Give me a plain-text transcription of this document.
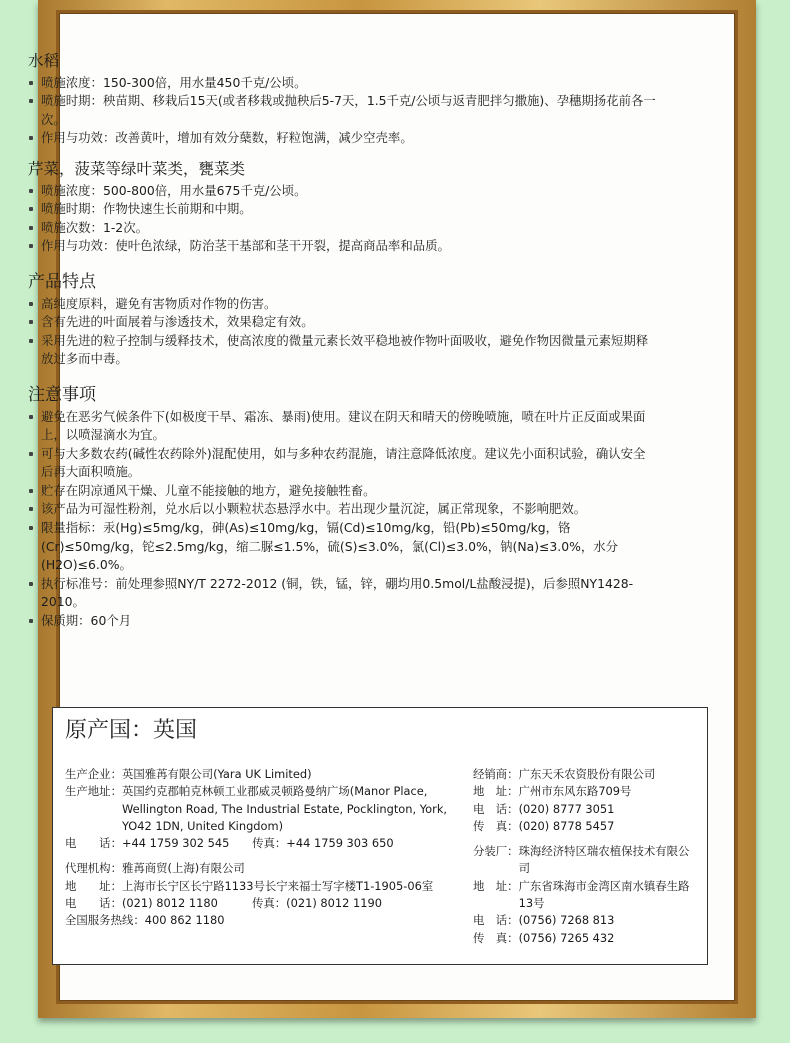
水稻
喷施浓度：150-300倍，用水量450千克/公顷。
喷施时期：秧苗期、移栽后15天(或者移栽或抛秧后5-7天，1.5千克/公顷与返青肥拌匀撒施)、孕穗期扬花前各一次。
作用与功效：改善黄叶，增加有效分蘖数，籽粒饱满，减少空壳率。
芹菜，菠菜等绿叶菜类，甕菜类
喷施浓度：500-800倍，用水量675千克/公顷。
喷施时期：作物快速生长前期和中期。
喷施次数：1-2次。
作用与功效：使叶色浓绿，防治茎干基部和茎干开裂，提高商品率和品质。
产品特点
高纯度原料，避免有害物质对作物的伤害。
含有先进的叶面展着与渗透技术，效果稳定有效。
采用先进的粒子控制与缓释技术，使高浓度的微量元素长效平稳地被作物叶面吸收，避免作物因微量元素短期释放过多而中毒。
注意事项
避免在恶劣气候条件下(如极度干旱、霜冻、暴雨)使用。建议在阴天和晴天的傍晚喷施，喷在叶片正反面或果面上，以喷湿滴水为宜。
可与大多数农药(碱性农药除外)混配使用，如与多种农药混施，请注意降低浓度。建议先小面积试验，确认安全后再大面积喷施。
贮存在阴凉通风干燥、儿童不能接触的地方，避免接触牲畜。
该产品为可湿性粉剂，兑水后以小颗粒状态悬浮水中。若出现少量沉淀，属正常现象，不影响肥效。
限量指标：汞(Hg)≤5mg/kg，砷(As)≤10mg/kg，镉(Cd)≤10mg/kg，铅(Pb)≤50mg/kg，铬(Cr)≤50mg/kg，铊≤2.5mg/kg，缩二脲≤1.5%，硫(S)≤3.0%，氯(Cl)≤3.0%，钠(Na)≤3.0%，水分(H2O)≤6.0%。
执行标准号：前处理参照NY/T 2272-2012 (铜，铁，锰，锌，硼均用0.5mol/L盐酸浸提)，后参照NY1428-2010。
保质期：60个月
原产国：英国
生产企业： 英国雅苒有限公司(Yara UK Limited)
生产地址： 英国约克郡帕克林顿工业郡威灵顿路曼纳广场(Manor Place, Wellington Road, The Industrial Estate, Pocklington, York, YO42 1DN, United Kingdom)
电　　话： +44 1759 302 545　　传真：+44 1759 303 650
代理机构： 雅苒商贸(上海)有限公司
地　　址： 上海市长宁区长宁路1133号长宁来福士写字楼T1-1905-06室
电　　话： (021) 8012 1180　　　传真：(021) 8012 1190
全国服务热线： 400 862 1180
经销商： 广东天禾农资股份有限公司
地　址： 广州市东风东路709号
电　话： (020) 8777 3051
传　真： (020) 8778 5457
分装厂： 珠海经济特区瑞农植保技术有限公司
地　址： 广东省珠海市金湾区南水镇春生路13号
电　话： (0756) 7268 813
传　真： (0756) 7265 432
